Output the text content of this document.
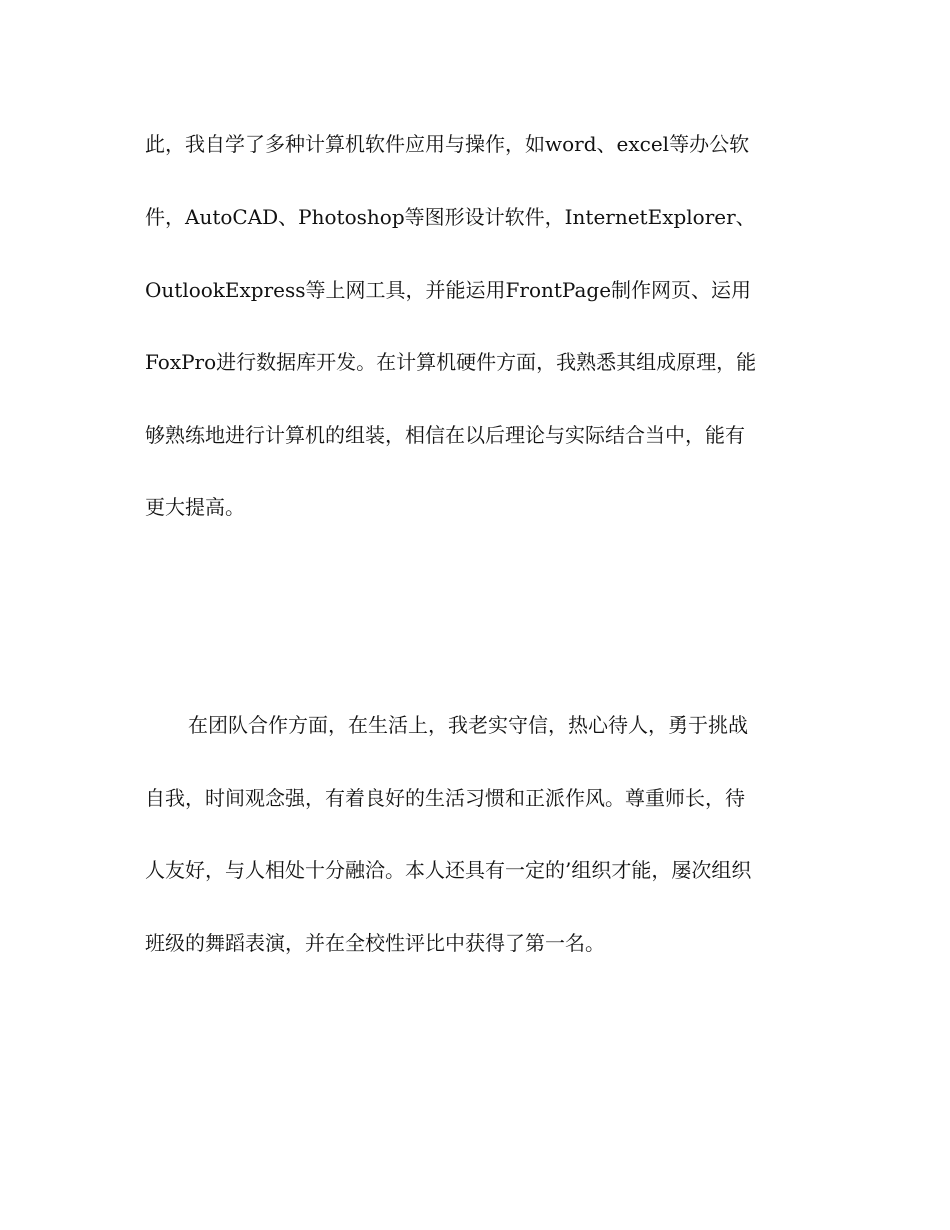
此，我自学了多种计算机软件应用与操作，如word、excel等办公软
件，AutoCAD、Photoshop等图形设计软件，InternetExplorer、
OutlookExpress等上网工具，并能运用FrontPage制作网页、运用
FoxPro进行数据库开发。在计算机硬件方面，我熟悉其组成原理，能
够熟练地进行计算机的组装，相信在以后理论与实际结合当中，能有
更大提高。
在团队合作方面，在生活上，我老实守信，热心待人，勇于挑战
自我，时间观念强，有着良好的生活习惯和正派作风。尊重师长，待
人友好，与人相处十分融洽。本人还具有一定的’组织才能，屡次组织
班级的舞蹈表演，并在全校性评比中获得了第一名。
